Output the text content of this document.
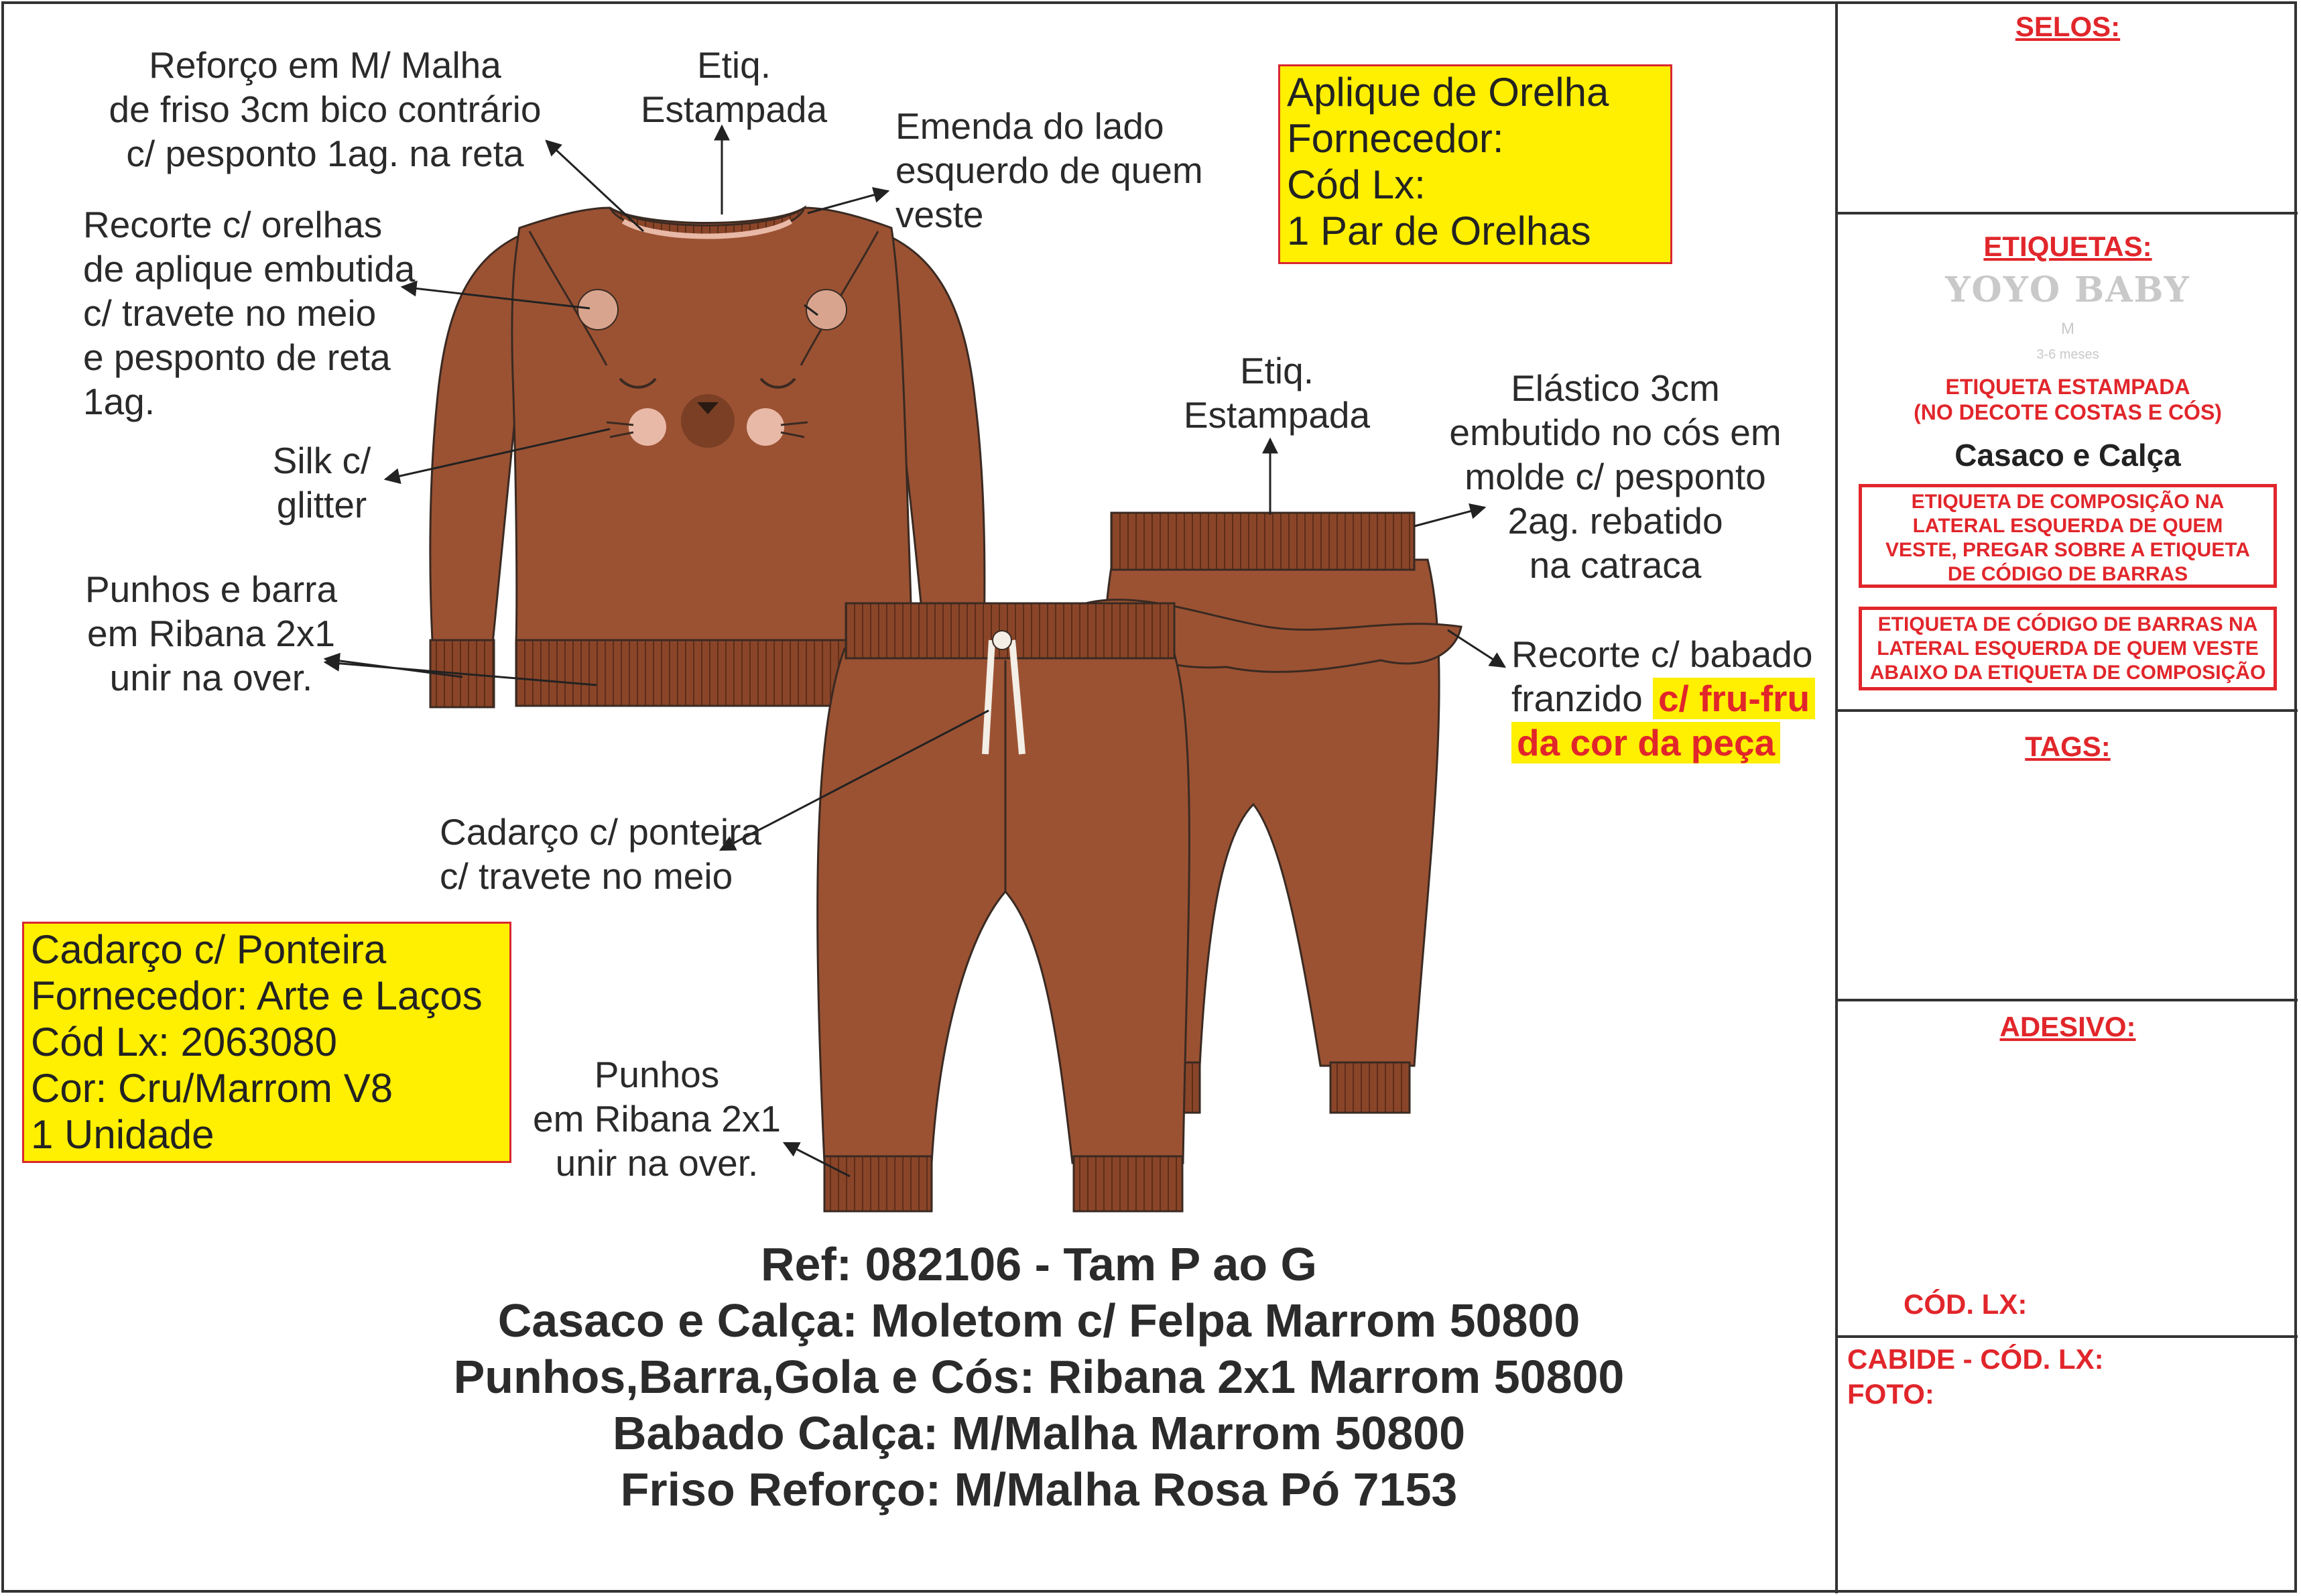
Reforço em M/ Malha
de friso 3cm bico contrário
c/ pesponto 1ag. na reta
Etiq.
Estampada	Emenda do lado
esquerdo de quem
veste
Recorte c/ orelhas
de aplique embutida
c/ travete no meio
e pesponto de reta
1ag.
Silk c/
glitter
Punhos e barra
em Ribana 2x1
unir na over.
Etiq.
Estampada
Elástico 3cm
embutido no cós em
molde c/ pesponto
2ag. rebatido
na catraca
Recorte c/ babado
franzido c/ fru-fru
da cor da peça
Cadarço c/ ponteira
c/ travete no meio
Punhos
em Ribana 2x1
unir na over.
Aplique de Orelha
Fornecedor:
Cód Lx:
1 Par de Orelhas
Cadarço c/ Ponteira
Fornecedor: Arte e Laços
Cód Lx: 2063080
Cor: Cru/Marrom V8
1 Unidade
Ref: 082106 - Tam P ao G
Casaco e Calça: Moletom c/ Felpa Marrom 50800
Punhos,Barra,Gola e Cós: Ribana 2x1 Marrom 50800
Babado Calça: M/Malha Marrom 50800
Friso Reforço: M/Malha Rosa Pó 7153
SELOS:
ETIQUETAS:
YOYO BABY
M
3-6 meses
ETIQUETA ESTAMPADA
(NO DECOTE COSTAS E CÓS)
Casaco e Calça
ETIQUETA DE COMPOSIÇÃO NA
LATERAL ESQUERDA DE QUEM
VESTE, PREGAR SOBRE A ETIQUETA
DE CÓDIGO DE BARRAS
ETIQUETA DE CÓDIGO DE BARRAS NA
LATERAL ESQUERDA DE QUEM VESTE
ABAIXO DA ETIQUETA DE COMPOSIÇÃO
TAGS:
ADESIVO:
CÓD. LX:
CABIDE - CÓD. LX:
FOTO:
